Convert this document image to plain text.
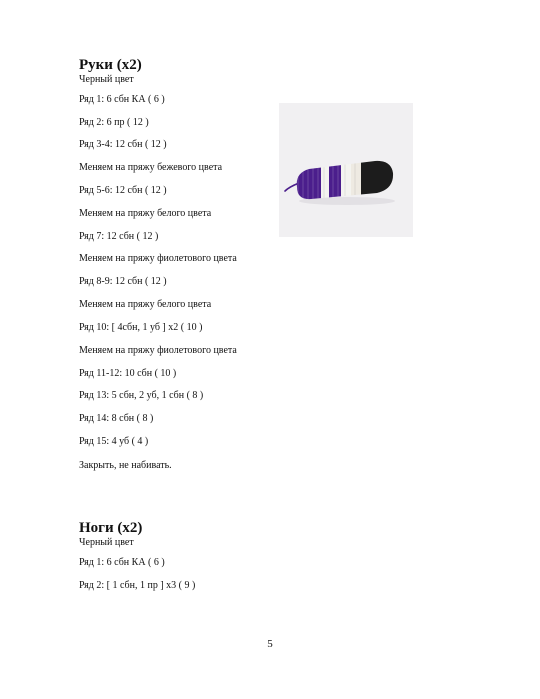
Руки (х2)

Черный цвет

Ряд 1: 6 сбн КА ( 6 )
Ряд 2: 6 пр ( 12 )
Ряд 3-4: 12 сбн ( 12 )
Меняем на пряжу бежевого цвета
Ряд 5-6: 12 сбн ( 12 )
Меняем на пряжу белого цвета
Ряд 7: 12 сбн ( 12 )
Меняем на пряжу фиолетового цвета
Ряд 8-9: 12 сбн ( 12 )
Меняем на пряжу белого цвета
Ряд 10: [ 4сбн, 1 уб ] х2 ( 10 )
Меняем на пряжу фиолетового цвета
Ряд 11-12: 10 сбн ( 10 )
Ряд 13: 5 сбн, 2 уб, 1 сбн ( 8 )
Ряд 14: 8 сбн ( 8 )
Ряд 15: 4 уб ( 4 )
Закрыть, не набивать.
Ноги (х2)

Черный цвет

Ряд 1: 6 сбн КА ( 6 )
Ряд 2: [ 1 сбн, 1 пр ] х3 ( 9 )
5
